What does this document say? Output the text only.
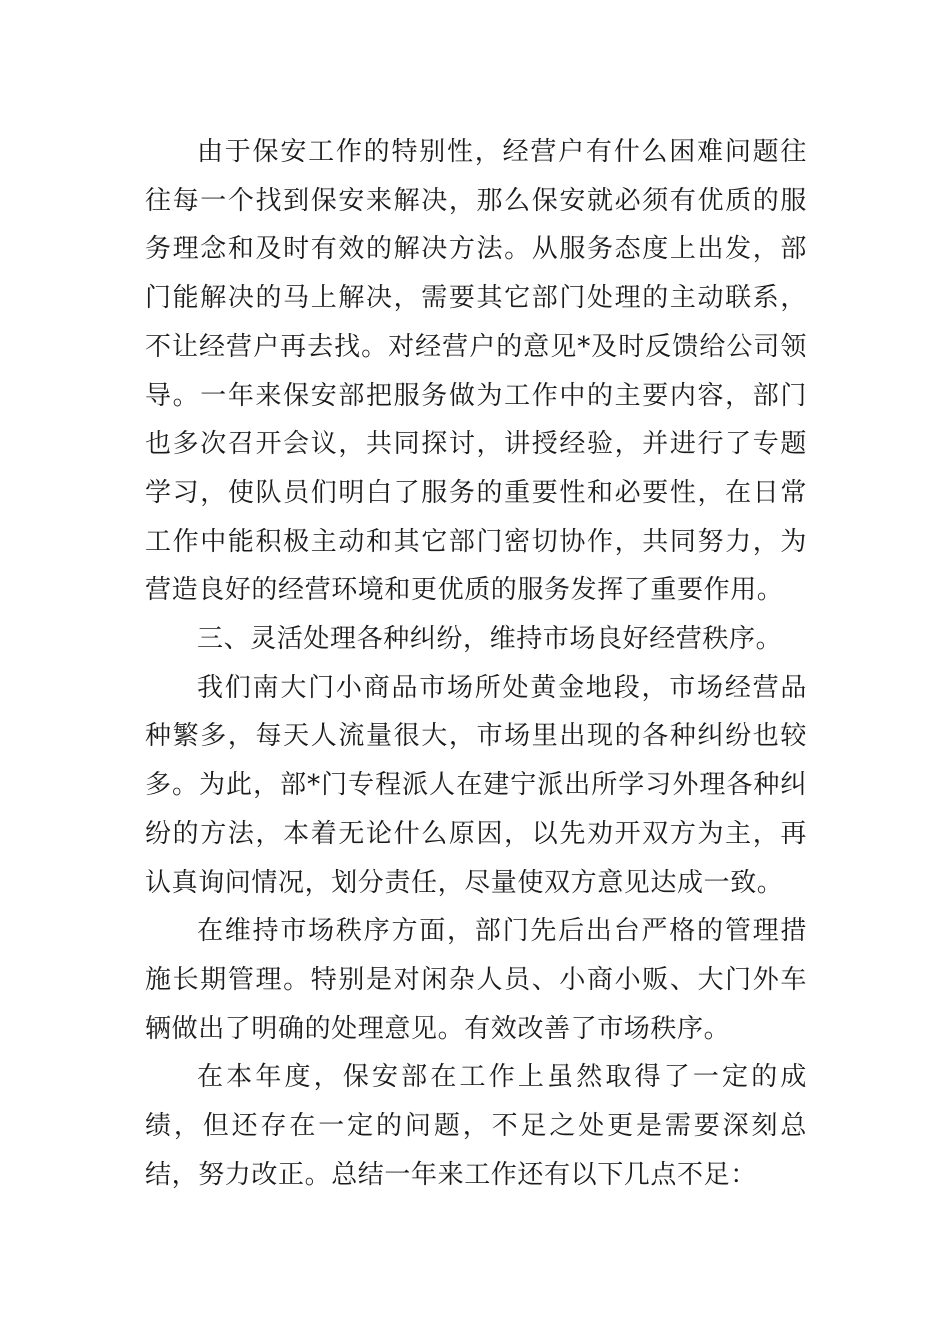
由于保安工作的特别性，经营户有什么困难问题往往每一个找到保安来解决，那么保安就必须有优质的服务理念和及时有效的解决方法。从服务态度上出发，部门能解决的马上解决，需要其它部门处理的主动联系，不让经营户再去找。对经营户的意见*及时反馈给公司领导。一年来保安部把服务做为工作中的主要内容，部门也多次召开会议，共同探讨，讲授经验，并进行了专题学习，使队员们明白了服务的重要性和必要性，在日常工作中能积极主动和其它部门密切协作，共同努力，为营造良好的经营环境和更优质的服务发挥了重要作用。

三、灵活处理各种纠纷，维持市场良好经营秩序。

我们南大门小商品市场所处黄金地段，市场经营品种繁多，每天人流量很大，市场里出现的各种纠纷也较多。为此，部*门专程派人在建宁派出所学习外理各种纠纷的方法，本着无论什么原因，以先劝开双方为主，再认真询问情况，划分责任，尽量使双方意见达成一致。

在维持市场秩序方面，部门先后出台严格的管理措施长期管理。特别是对闲杂人员、小商小贩、大门外车辆做出了明确的处理意见。有效改善了市场秩序。

在本年度，保安部在工作上虽然取得了一定的成绩，但还存在一定的问题，不足之处更是需要深刻总结，努力改正。总结一年来工作还有以下几点不足：
